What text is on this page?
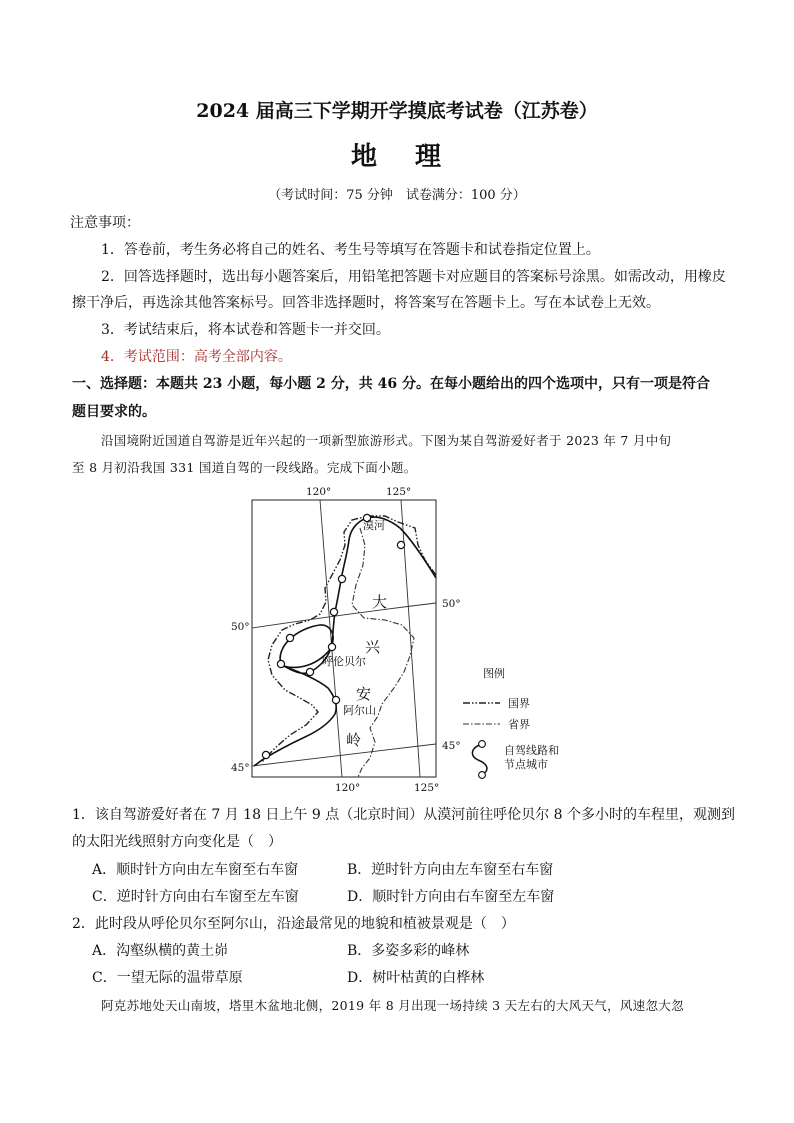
2024 届高三下学期开学摸底考试卷（江苏卷）
地 理
（考试时间：75 分钟　试卷满分：100 分）
注意事项：
1．答卷前，考生务必将自己的姓名、考生号等填写在答题卡和试卷指定位置上。
2．回答选择题时，选出每小题答案后，用铅笔把答题卡对应题目的答案标号涂黑。如需改动，用橡皮
擦干净后，再选涂其他答案标号。回答非选择题时，将答案写在答题卡上。写在本试卷上无效。
3．考试结束后，将本试卷和答题卡一并交回。
4．考试范围：高考全部内容。
一、选择题：本题共 23 小题，每小题 2 分，共 46 分。在每小题给出的四个选项中，只有一项是符合
题目要求的。
沿国境附近国道自驾游是近年兴起的一项新型旅游形式。下图为某自驾游爱好者于 2023 年 7 月中旬
至 8 月初沿我国 331 国道自驾的一段线路。完成下面小题。
120°	125°
120°	125°
50°
50°
45°
45°
漠河
呼伦贝尔
阿尔山
大
兴
安
岭
图例
国界
省界
自驾线路和
节点城市
1．该自驾游爱好者在 7 月 18 日上午 9 点（北京时间）从漠河前往呼伦贝尔 8 个多小时的车程里，观测到
的太阳光线照射方向变化是（　）
A．顺时针方向由左车窗至右车窗	B．逆时针方向由左车窗至右车窗
C．逆时针方向由右车窗至左车窗	D．顺时针方向由右车窗至左车窗
2．此时段从呼伦贝尔至阿尔山，沿途最常见的地貌和植被景观是（　）
A．沟壑纵横的黄土峁	B．多姿多彩的峰林
C．一望无际的温带草原	D．树叶枯黄的白桦林
阿克苏地处天山南坡，塔里木盆地北侧，2019 年 8 月出现一场持续 3 天左右的大风天气，风速忽大忽
